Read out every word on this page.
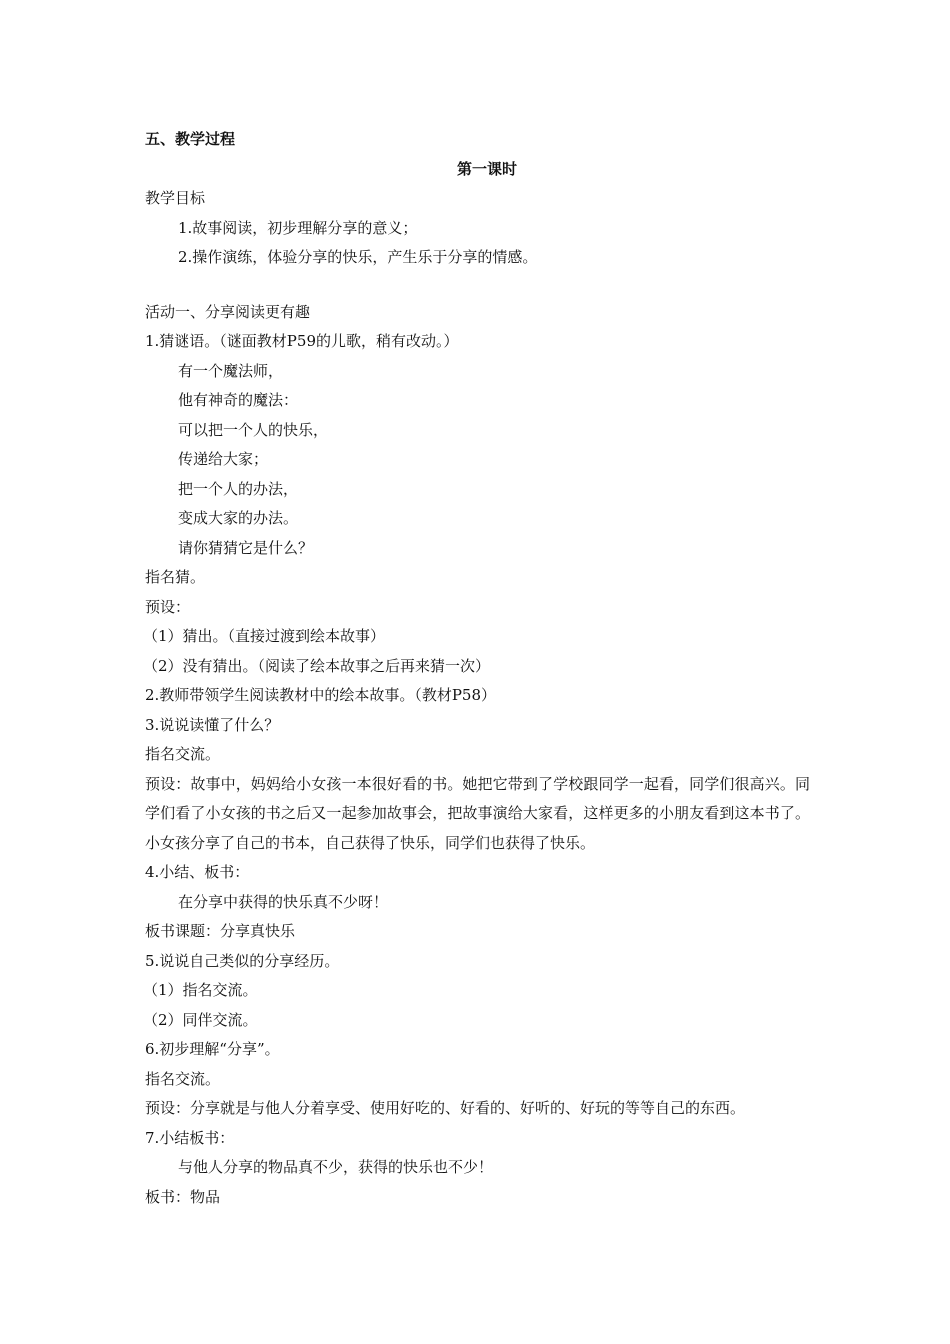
五、教学过程
第一课时
教学目标
1.故事阅读，初步理解分享的意义；
2.操作演练，体验分享的快乐，产生乐于分享的情感。
活动一、分享阅读更有趣
1.猜谜语。（谜面教材P59的儿歌，稍有改动。）
有一个魔法师，
他有神奇的魔法：
可以把一个人的快乐，
传递给大家；
把一个人的办法，
变成大家的办法。
请你猜猜它是什么？
指名猜。
预设：
（1）猜出。（直接过渡到绘本故事）
（2）没有猜出。（阅读了绘本故事之后再来猜一次）
2.教师带领学生阅读教材中的绘本故事。（教材P58）
3.说说读懂了什么？
指名交流。
预设：故事中，妈妈给小女孩一本很好看的书。她把它带到了学校跟同学一起看，同学们很高兴。同学们看了小女孩的书之后又一起参加故事会，把故事演给大家看，这样更多的小朋友看到这本书了。小女孩分享了自己的书本，自己获得了快乐，同学们也获得了快乐。
4.小结、板书：
在分享中获得的快乐真不少呀！
板书课题：分享真快乐
5.说说自己类似的分享经历。
（1）指名交流。
（2）同伴交流。
6.初步理解“分享”。
指名交流。
预设：分享就是与他人分着享受、使用好吃的、好看的、好听的、好玩的等等自己的东西。
7.小结板书：
与他人分享的物品真不少，获得的快乐也不少！
板书：物品
